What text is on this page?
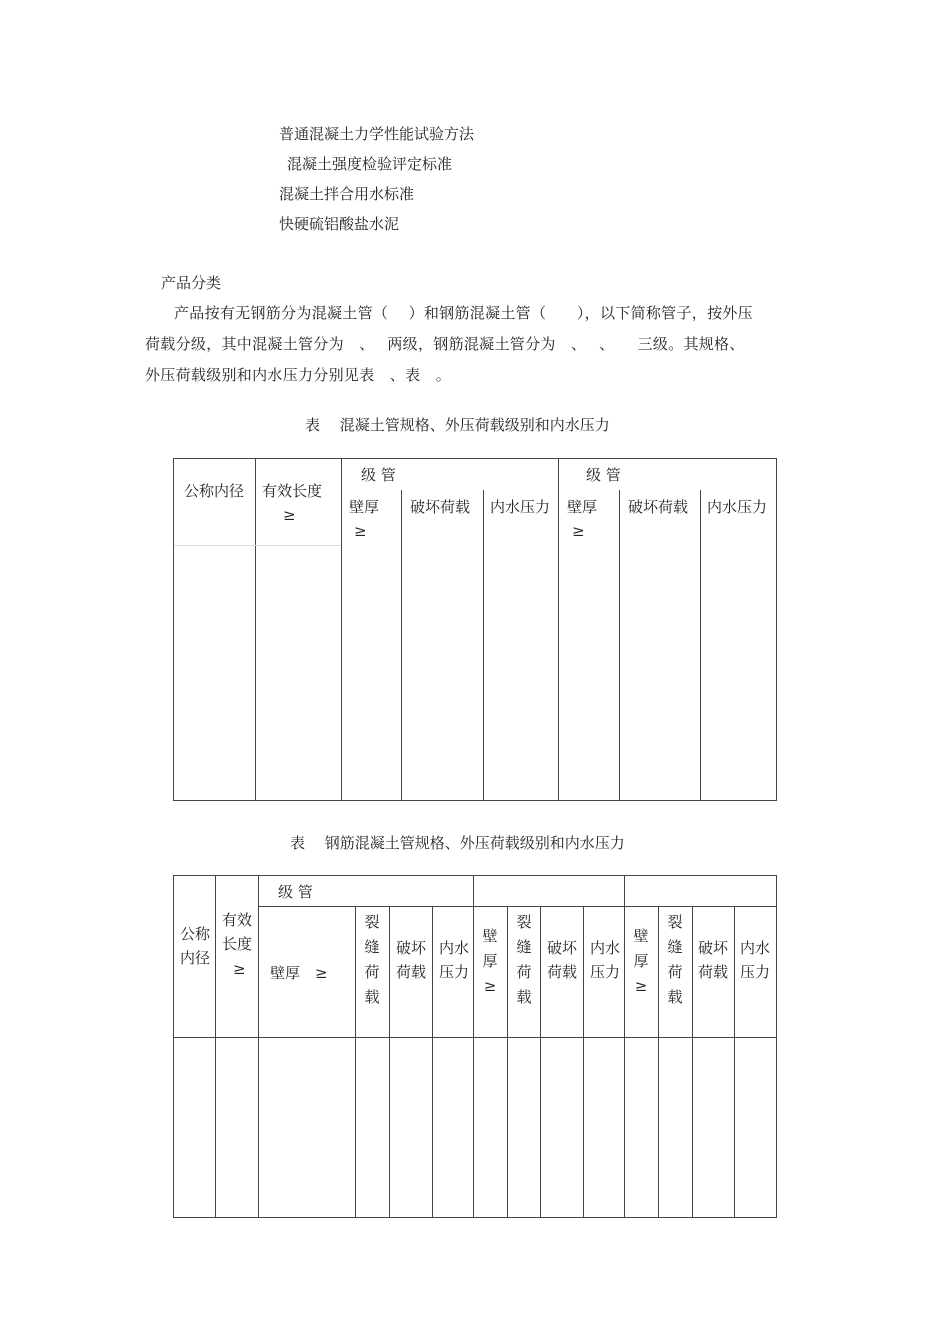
普通混凝土力学性能试验方法
混凝土强度检验评定标准
混凝土拌合用水标准
快硬硫铝酸盐水泥
产品分类
产品按有无钢筋分为混凝土管（　 ）和钢筋混凝土管（　　），以下简称管子，按外压
荷载分级，其中混凝土管分为　、　 两级，钢筋混凝土管分为　、　 、　　三级。其规格、
外压荷载级别和内水压力分别见表　、表　。
表　 混凝土管规格、外压荷载级别和内水压力
公称内径 有效长度
≥
级 管	级 管
壁厚
≥
破坏荷载 内水压力 壁厚
≥
破坏荷载 内水压力
表　 钢筋混凝土管规格、外压荷载级别和内水压力
公称
内径
有效
长度
≥
级 管
壁厚　≥
裂
缝
荷
载
破坏
荷载
内水
压力
壁
厚
≥
裂
缝
荷
载
破坏
荷载
内水
压力
壁
厚
≥
裂
缝
荷
载
破坏
荷载
内水
压力
